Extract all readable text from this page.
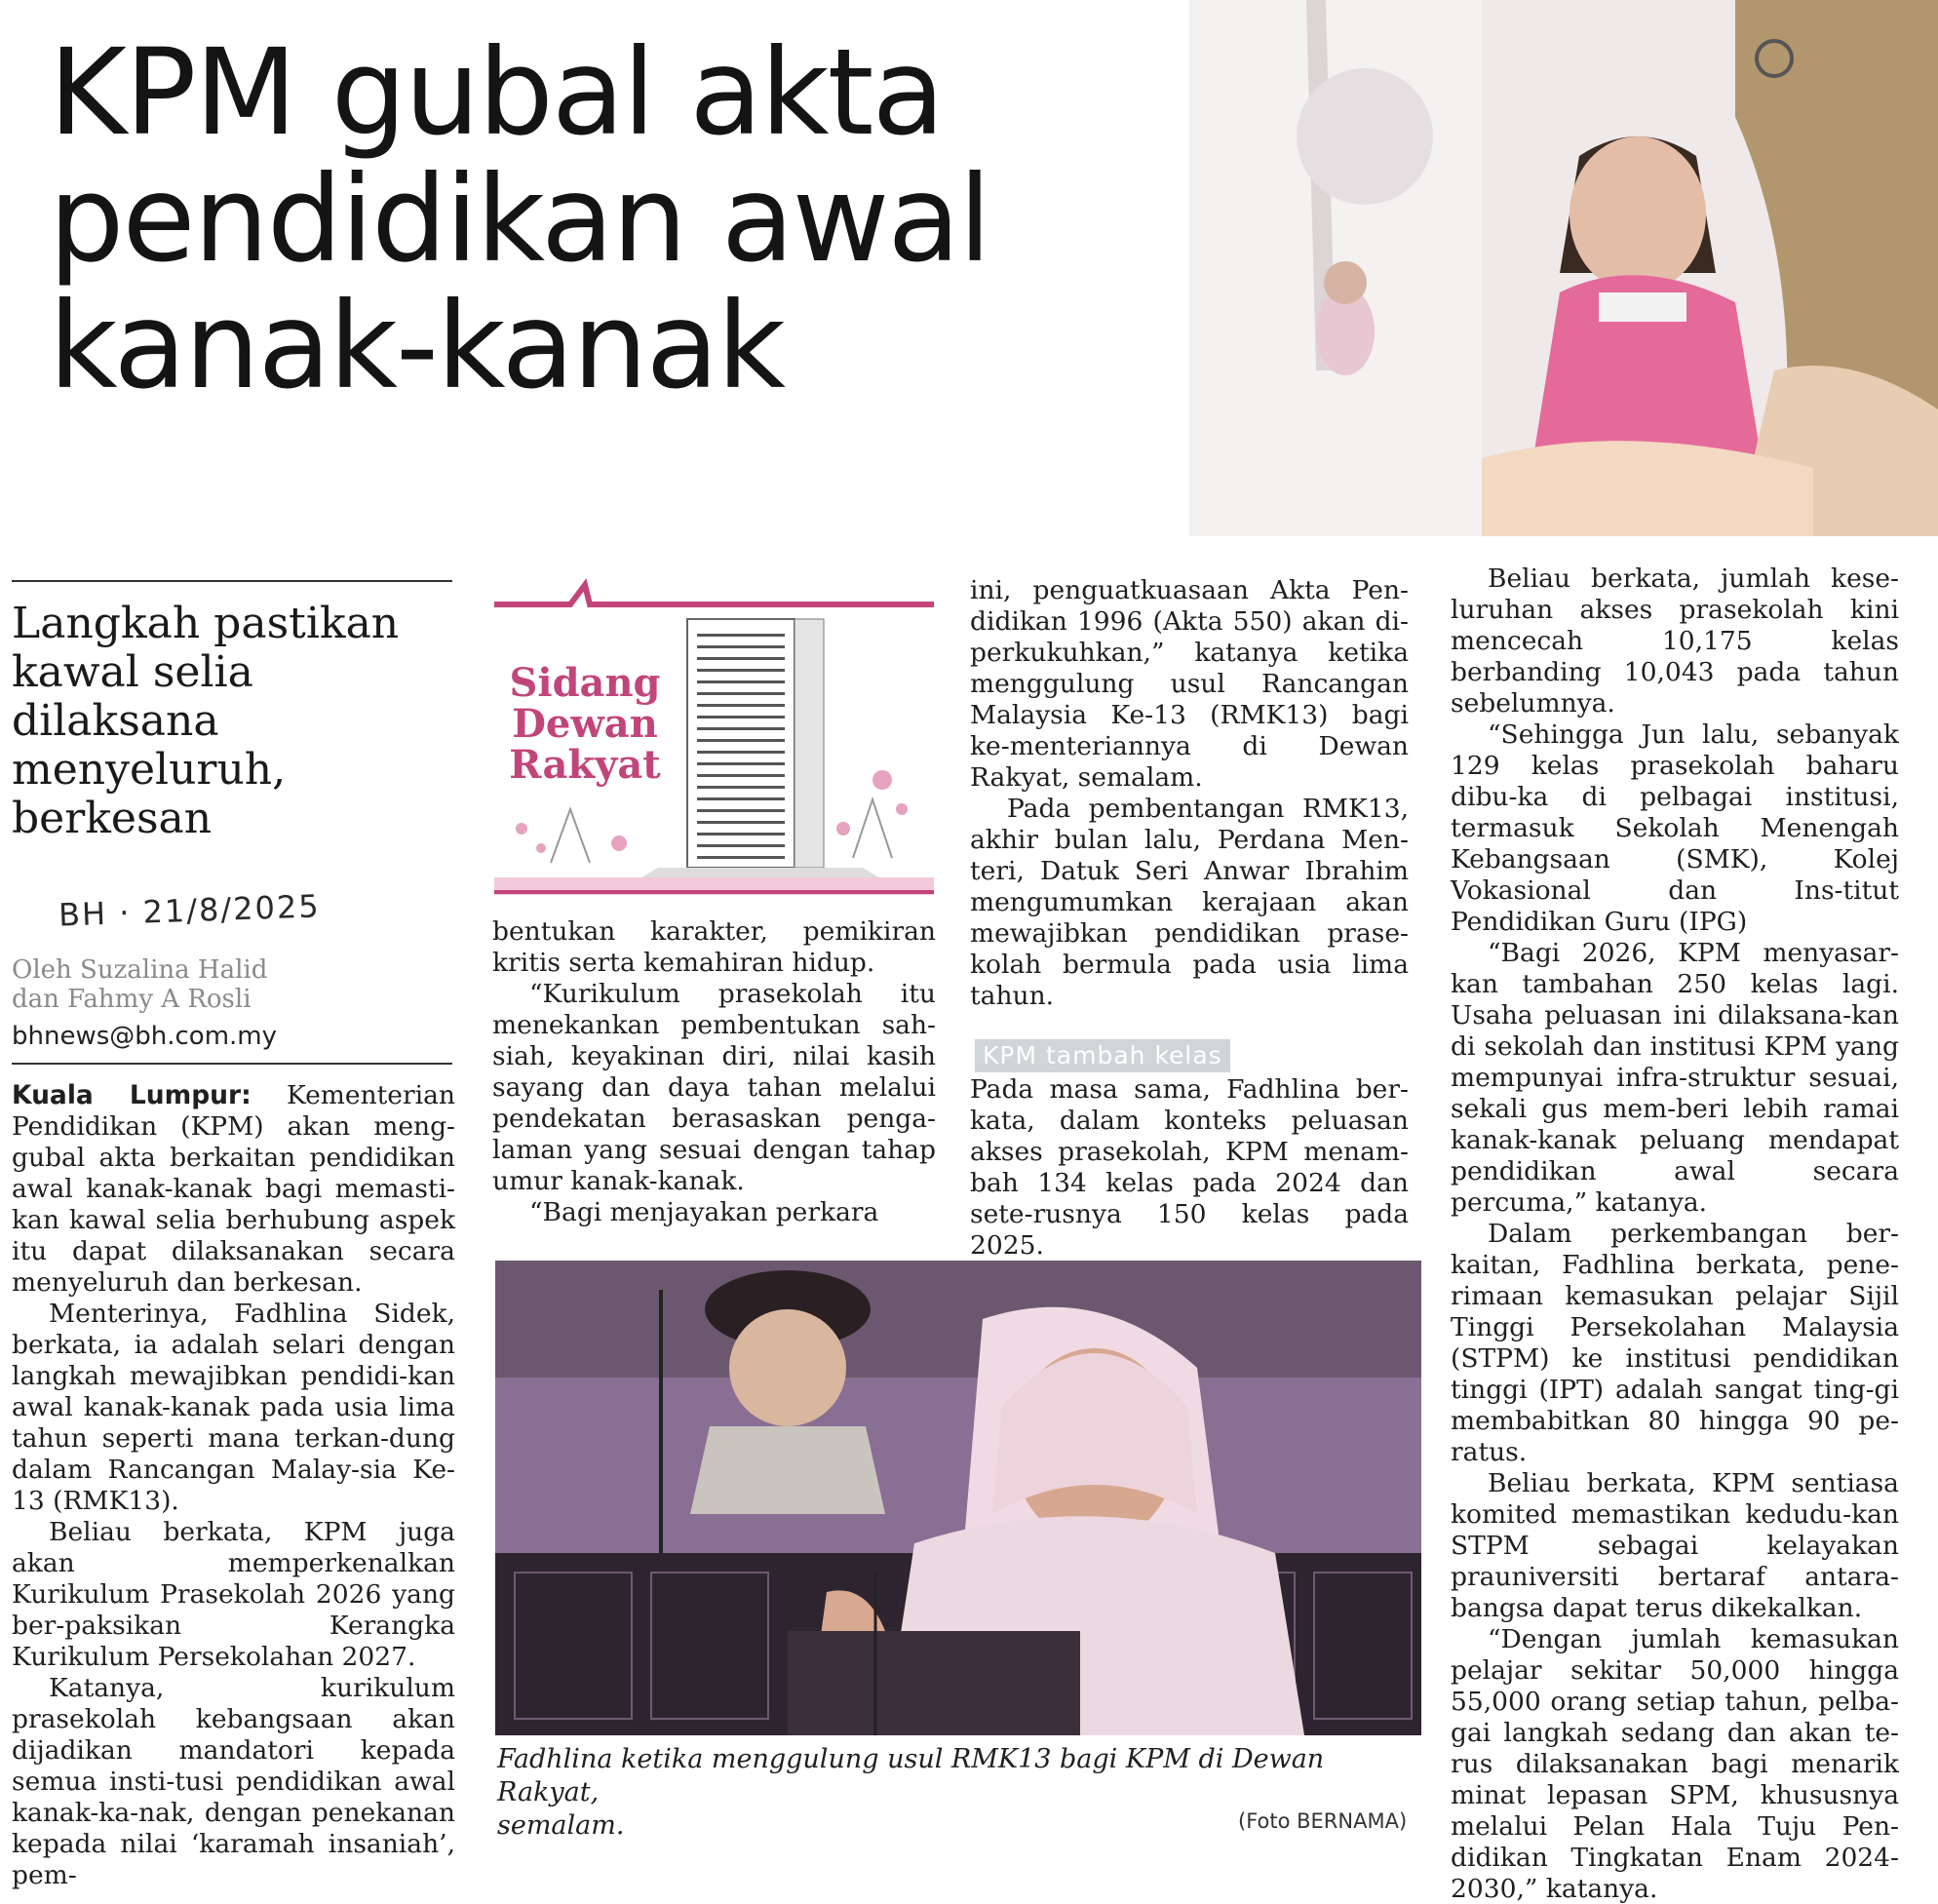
KPM gubal akta
pendidikan awal
kanak-kanak
Langkah pastikan
kawal selia
dilaksana
menyeluruh,
berkesan
BH · 21/8/2025
Oleh Suzalina Halid
dan Fahmy A Rosli
bhnews@bh.com.my

Kuala Lumpur: Kementerian Pendidikan (KPM) akan meng-gubal akta berkaitan pendidikan awal kanak-kanak bagi memasti-kan kawal selia berhubung aspek itu dapat dilaksanakan secara menyeluruh dan berkesan.

Menterinya, Fadhlina Sidek, berkata, ia adalah selari dengan langkah mewajibkan pendidi-kan awal kanak-kanak pada usia lima tahun seperti mana terkan-dung dalam Rancangan Malay-sia Ke-13 (RMK13).

Beliau berkata, KPM juga akan memperkenalkan Kurikulum Prasekolah 2026 yang ber-paksikan Kerangka Kurikulum Persekolahan 2027.

Katanya, kurikulum prasekolah kebangsaan akan dijadikan mandatori kepada semua insti-tusi pendidikan awal kanak-ka-nak, dengan penekanan kepada nilai ‘karamah insaniah’, pem-

Sidang
Dewan
Rakyat

bentukan karakter, pemikiran kritis serta kemahiran hidup.

“Kurikulum prasekolah itu menekankan pembentukan sah-siah, keyakinan diri, nilai kasih sayang dan daya tahan melalui pendekatan berasaskan penga-laman yang sesuai dengan tahap umur kanak-kanak.

“Bagi menjayakan perkara

ini, penguatkuasaan Akta Pen-didikan 1996 (Akta 550) akan di-perkukuhkan,” katanya ketika menggulung usul Rancangan Malaysia Ke-13 (RMK13) bagi ke-menteriannya di Dewan Rakyat, semalam.

Pada pembentangan RMK13, akhir bulan lalu, Perdana Men-teri, Datuk Seri Anwar Ibrahim mengumumkan kerajaan akan mewajibkan pendidikan prase-kolah bermula pada usia lima tahun.

KPM tambah kelas

Pada masa sama, Fadhlina ber-kata, dalam konteks peluasan akses prasekolah, KPM menam-bah 134 kelas pada 2024 dan sete-rusnya 150 kelas pada 2025.

Beliau berkata, jumlah kese-luruhan akses prasekolah kini mencecah 10,175 kelas berbanding 10,043 pada tahun sebelumnya.

“Sehingga Jun lalu, sebanyak 129 kelas prasekolah baharu dibu-ka di pelbagai institusi, termasuk Sekolah Menengah Kebangsaan (SMK), Kolej Vokasional dan Ins-titut Pendidikan Guru (IPG)

“Bagi 2026, KPM menyasar-kan tambahan 250 kelas lagi. Usaha peluasan ini dilaksana-kan di sekolah dan institusi KPM yang mempunyai infra-struktur sesuai, sekali gus mem-beri lebih ramai kanak-kanak peluang mendapat pendidikan awal secara percuma,” katanya.

Dalam perkembangan ber-kaitan, Fadhlina berkata, pene-rimaan kemasukan pelajar Sijil Tinggi Persekolahan Malaysia (STPM) ke institusi pendidikan tinggi (IPT) adalah sangat ting-gi membabitkan 80 hingga 90 pe-ratus.

Beliau berkata, KPM sentiasa komited memastikan kedudu-kan STPM sebagai kelayakan prauniversiti bertaraf antara-bangsa dapat terus dikekalkan.

“Dengan jumlah kemasukan pelajar sekitar 50,000 hingga 55,000 orang setiap tahun, pelba-gai langkah sedang dan akan te-rus dilaksanakan bagi menarik minat lepasan SPM, khususnya melalui Pelan Hala Tuju Pen-didikan Tingkatan Enam 2024-2030,” katanya.

Fadhlina ketika menggulung usul RMK13 bagi KPM di Dewan Rakyat,
semalam.	(Foto BERNAMA)
